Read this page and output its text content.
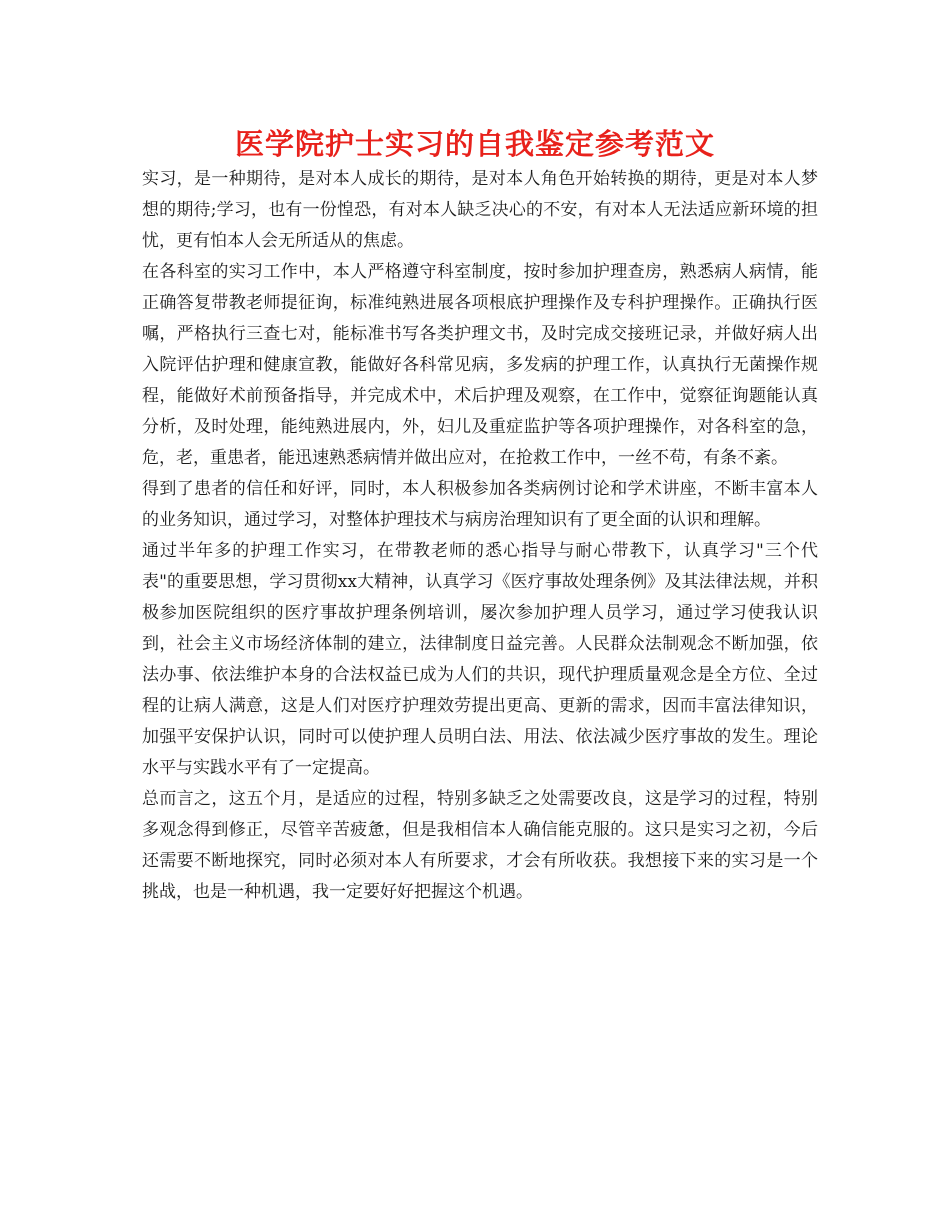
医学院护士实习的自我鉴定参考范文

实习，是一种期待，是对本人成长的期待，是对本人角色开始转换的期待，更是对本人梦想的期待;学习，也有一份惶恐，有对本人缺乏决心的不安，有对本人无法适应新环境的担忧，更有怕本人会无所适从的焦虑。

在各科室的实习工作中，本人严格遵守科室制度，按时参加护理查房，熟悉病人病情，能正确答复带教老师提征询，标准纯熟进展各项根底护理操作及专科护理操作。正确执行医嘱，严格执行三查七对，能标准书写各类护理文书，及时完成交接班记录，并做好病人出入院评估护理和健康宣教，能做好各科常见病，多发病的护理工作，认真执行无菌操作规程，能做好术前预备指导，并完成术中，术后护理及观察，在工作中，觉察征询题能认真分析，及时处理，能纯熟进展内，外，妇儿及重症监护等各项护理操作，对各科室的急，危，老，重患者，能迅速熟悉病情并做出应对，在抢救工作中，一丝不苟，有条不紊。

得到了患者的信任和好评，同时，本人积极参加各类病例讨论和学术讲座，不断丰富本人的业务知识，通过学习，对整体护理技术与病房治理知识有了更全面的认识和理解。

通过半年多的护理工作实习，在带教老师的悉心指导与耐心带教下，认真学习"三个代表"的重要思想，学习贯彻xx大精神，认真学习《医疗事故处理条例》及其法律法规，并积极参加医院组织的医疗事故护理条例培训，屡次参加护理人员学习，通过学习使我认识到，社会主义市场经济体制的建立，法律制度日益完善。人民群众法制观念不断加强，依法办事、依法维护本身的合法权益已成为人们的共识，现代护理质量观念是全方位、全过程的让病人满意，这是人们对医疗护理效劳提出更高、更新的需求，因而丰富法律知识，加强平安保护认识，同时可以使护理人员明白法、用法、依法减少医疗事故的发生。理论水平与实践水平有了一定提高。

总而言之，这五个月，是适应的过程，特别多缺乏之处需要改良，这是学习的过程，特别多观念得到修正，尽管辛苦疲惫，但是我相信本人确信能克服的。这只是实习之初，今后还需要不断地探究，同时必须对本人有所要求，才会有所收获。我想接下来的实习是一个挑战，也是一种机遇，我一定要好好把握这个机遇。
